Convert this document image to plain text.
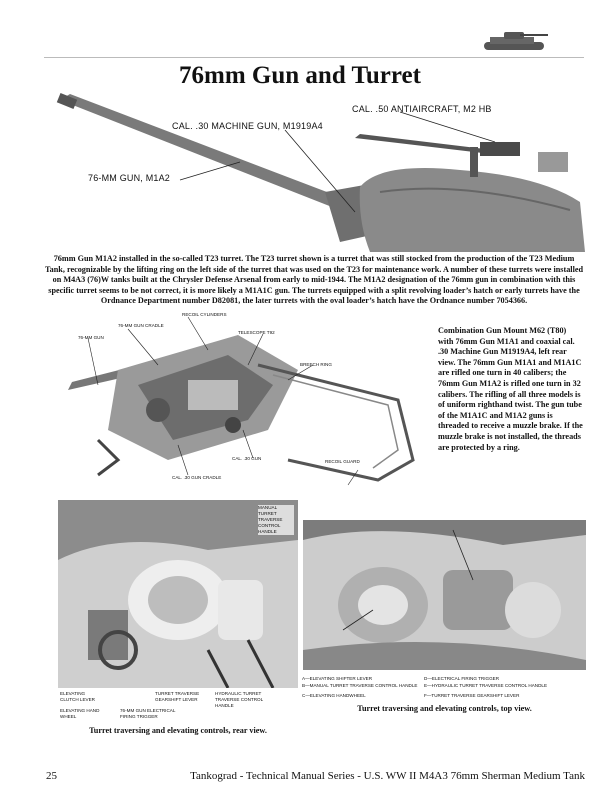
76mm Gun and Turret
CAL. .50 ANTIAIRCRAFT, M2 HB
CAL. .30 MACHINE GUN, M1919A4
76-MM GUN, M1A2
76mm Gun M1A2 installed in the so-called T23 turret. The T23 turret shown is a turret that was still stocked from the production of the T23 Medium Tank, recognizable by the lifting ring on the left side of the turret that was used on the T23 for maintenance work. A number of these turrets were installed on M4A3 (76)W tanks built at the Chrysler Defense Arsenal from early to mid-1944. The M1A2 designation of the 76mm gun in combination with this specific turret seems to be not correct, it is more likely a M1A1C gun. The turrets equipped with a split revolving loader’s hatch or early turrets have the Ordnance Department number D82081, the later turrets with the oval loader’s hatch have the Ordnance number 7054366.
RECOIL CYLINDERS
76-MM GUN CRADLE
TELESCOPE T92
76-MM GUN
BREECH RING
CAL. .30 GUN
RECOIL GUARD
CAL. .30 GUN CRADLE
Combination Gun Mount M62 (T80) with 76mm Gun M1A1 and coaxial cal. .30 Machine Gun M1919A4, left rear view. The 76mm Gun M1A1 and M1A1C are rifled one turn in 40 calibers; the 76mm Gun M1A2 is rifled one turn in 32 calibers. The rifling of all three models is of uniform righthand twist. The gun tube of the M1A1C and M1A2 guns is threaded to receive a muzzle brake. If the muzzle brake is not installed, the threads are protected by a ring.
MANUAL TURRET TRAVERSE CONTROL HANDLE
ELEVATING CLUTCH LEVER
ELEVATING HAND WHEEL
76-MM GUN ELECTRICAL FIRING TRIGGER
TURRET TRAVERSE GEARSHIFT LEVER
HYDRAULIC TURRET TRAVERSE CONTROL HANDLE
Turret traversing and elevating controls, rear view.
A—ELEVATING SHIFTER LEVER
B—MANUAL TURRET TRAVERSE CONTROL HANDLE
C—ELEVATING HANDWHEEL
D—ELECTRICAL FIRING TRIGGER
E—HYDRAULIC TURRET TRAVERSE CONTROL HANDLE
F—TURRET TRAVERSE GEARSHIFT LEVER
Turret traversing and elevating controls, top view.
25	Tankograd - Technical Manual Series - U.S. WW II M4A3 76mm Sherman Medium Tank
